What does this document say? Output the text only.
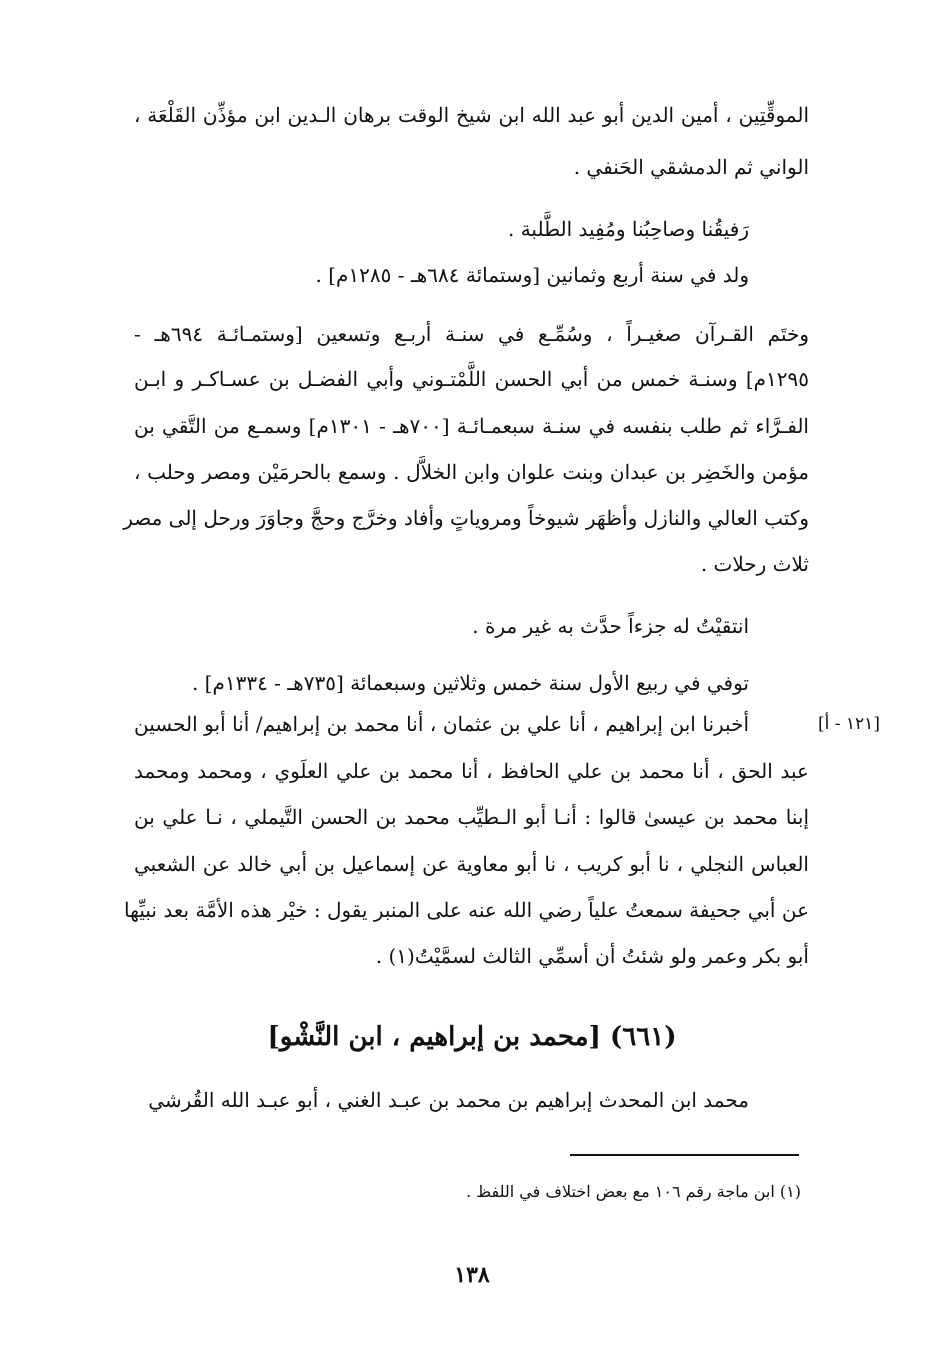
الموقِّتِين ، أمين الدين أبو عبد الله ابن شيخ الوقت برهان الـدين ابن مؤذِّن القَلْعَة ،
الواني ثم الدمشقي الحَنفي .
رَفيقُنا وصاحِبُنا ومُفِيد الطَّلبة .
ولد في سنة أربع وثمانين [وستمائة ٦٨٤هـ - ١٢٨٥م] .
وختَم القـرآن صغيـراً ، وسُمِّـع في سنـة أربـع وتسعين [وستمـائـة ٦٩٤هـ -
١٢٩٥م] وسنـة خمس من أبي الحسن اللَّمْتـوني وأبي الفضـل بن عسـاكـر و ابـن
الفـرَّاء ثم طلب بنفسه في سنـة سبعمـائـة [٧٠٠هـ - ١٣٠١م] وسمـع من التَّقي بن
مؤمن والخَضِر بن عبدان وبنت علوان وابن الخلاَّل . وسمع بالحرمَيْن ومصر وحلب ،
وكتب العالي والنازل وأظهَر شيوخاً ومروياتٍ وأفاد وخرَّج وحجَّ وجاوَرَ ورحل إلى مصر
ثلاث رحلات .
انتقيْتُ له جزءاً حدَّث به غير مرة .
توفي في ربيع الأول سنة خمس وثلاثين وسبعمائة [٧٣٥هـ - ١٣٣٤م] .
[١٢١ - أ]
أخبرنا ابن إبراهيم ، أنا علي بن عثمان ، أنا محمد بن إبراهيم/ أنا أبو الحسين
عبد الحق ، أنا محمد بن علي الحافظ ، أنا محمد بن علي العلَوي ، ومحمد ومحمد
إبنا محمد بن عيسىٰ قالوا : أنـا أبو الـطيِّب محمد بن الحسن التَّيملي ، نـا علي بن
العباس النجلي ، نا أبو كريب ، نا أبو معاوية عن إسماعيل بن أبي خالد عن الشعبي
عن أبي جحيفة سمعتُ علياً رضي الله عنه على المنبر يقول : خيْر هذه الأمَّة بعد نبيِّها
أبو بكر وعمر ولو شئتُ أن أسمِّي الثالث لسمَّيْتُ(١) .
(٦٦١) [محمد بن إبراهيم ، ابن النَّشْو]
محمد ابن المحدث إبراهيم بن محمد بن عبـد الغني ، أبو عبـد الله القُرشي
(١) ابن ماجة رقم ١٠٦ مع بعض اختلاف في اللفظ .
١٣٨
